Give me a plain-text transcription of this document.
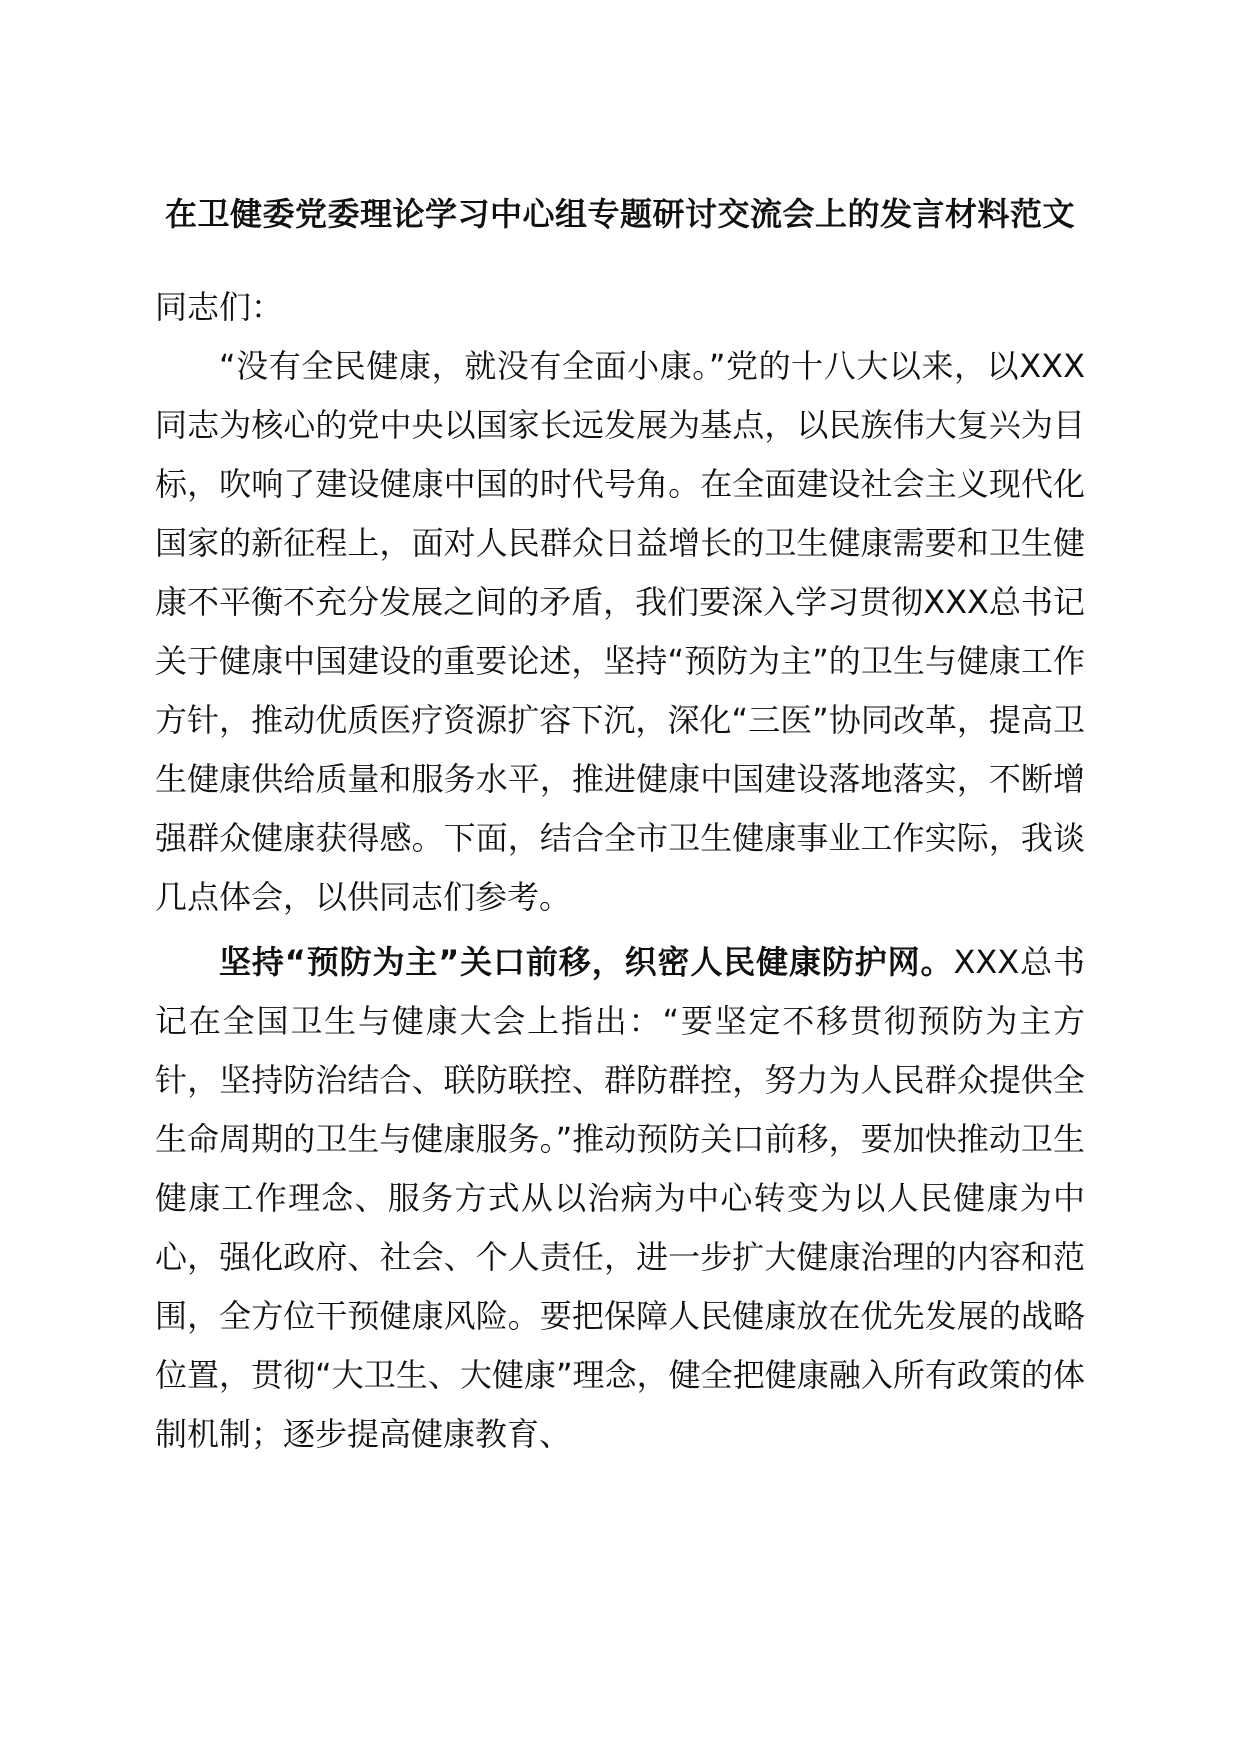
在卫健委党委理论学习中心组专题研讨交流会上的发言材料范文

同志们：

“没有全民健康，就没有全面小康。”党的十八大以来，以XXX同志为核心的党中央以国家长远发展为基点，以民族伟大复兴为目标，吹响了建设健康中国的时代号角。在全面建设社会主义现代化国家的新征程上，面对人民群众日益增长的卫生健康需要和卫生健康不平衡不充分发展之间的矛盾，我们要深入学习贯彻XXX总书记关于健康中国建设的重要论述，坚持“预防为主”的卫生与健康工作方针，推动优质医疗资源扩容下沉，深化“三医”协同改革，提高卫生健康供给质量和服务水平，推进健康中国建设落地落实，不断增强群众健康获得感。下面，结合全市卫生健康事业工作实际，我谈几点体会，以供同志们参考。

坚持“预防为主”关口前移，织密人民健康防护网。XXX总书记在全国卫生与健康大会上指出：“要坚定不移贯彻预防为主方针，坚持防治结合、联防联控、群防群控，努力为人民群众提供全生命周期的卫生与健康服务。”推动预防关口前移，要加快推动卫生健康工作理念、服务方式从以治病为中心转变为以人民健康为中心，强化政府、社会、个人责任，进一步扩大健康治理的内容和范围，全方位干预健康风险。要把保障人民健康放在优先发展的战略位置，贯彻“大卫生、大健康”理念，健全把健康融入所有政策的体制机制；逐步提高健康教育、
